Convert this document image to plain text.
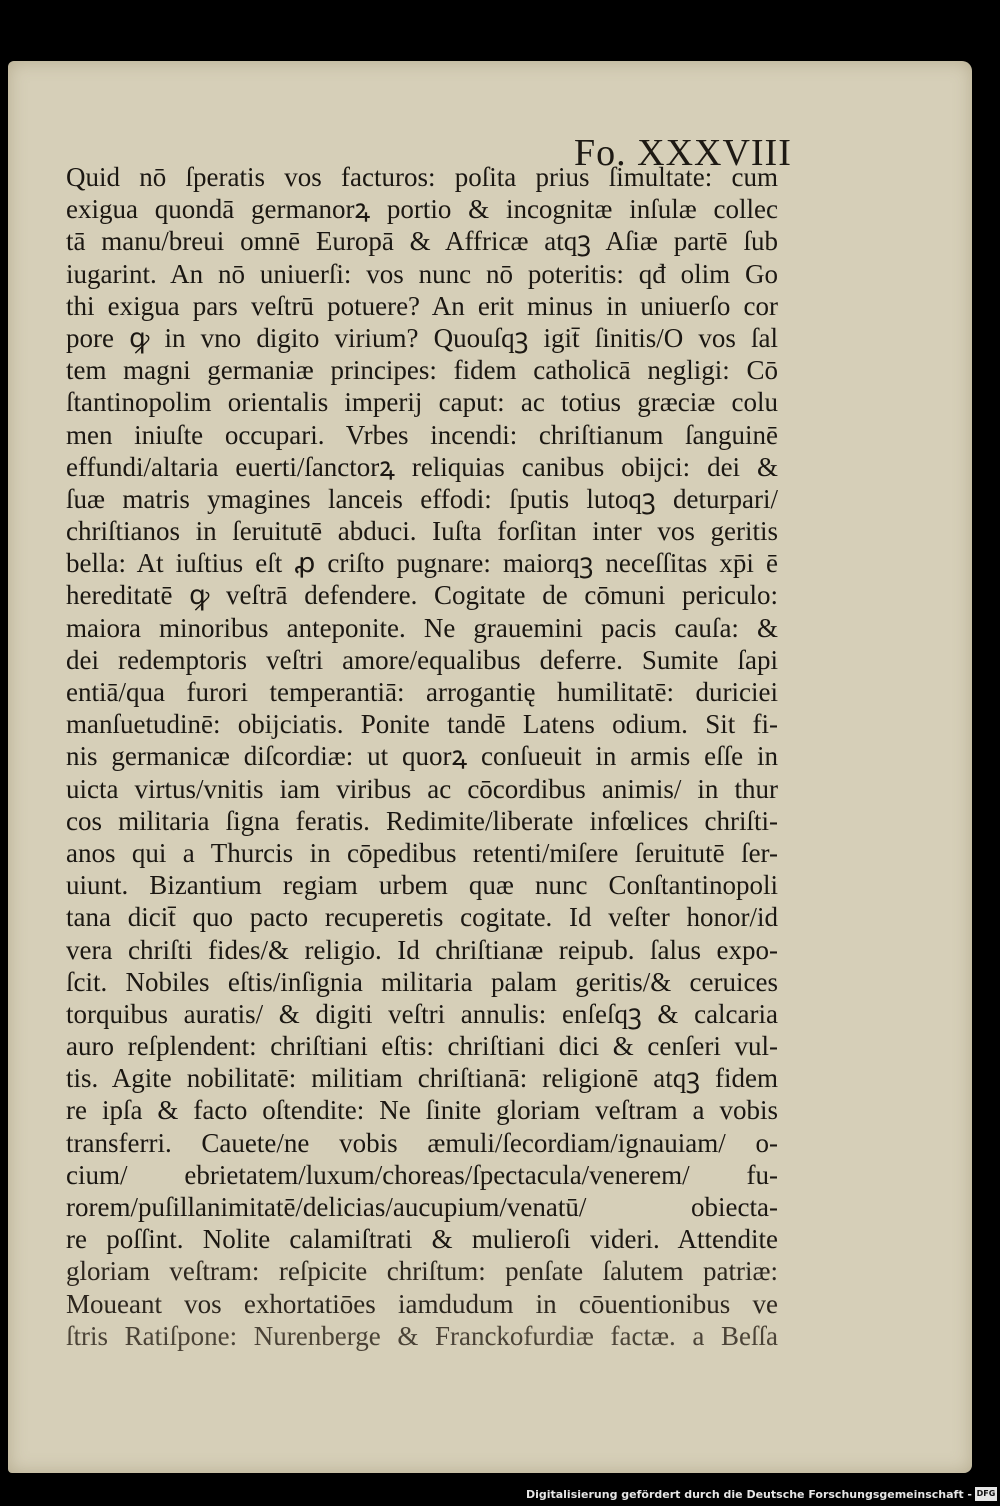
Fo. XXXVIII
Quid nō ſperatis vos facturos: poſita prius ſimultate: cum
exigua quondā germanorꝝ portio & incognitæ inſulæ collec
tā manu/breui omnē Europā & Affricæ atqꝫ Aſiæ partē ſub
iugarint. An nō uniuerſi: vos nunc nō poteritis: qđ olim Go
thi exigua pars veſtrū potuere? An erit minus in uniuerſo cor
pore ꝙ in vno digito virium? Quouſqꝫ igit̄ ſinitis/O vos ſal
tem magni germaniæ principes: fidem catholicā negligi: Cō
ſtantinopolim orientalis imperij caput: ac totius græciæ colu
men iniuſte occupari. Vrbes incendi: chriſtianum ſanguinē
effundi/altaria euerti/ſanctorꝝ reliquias canibus obijci: dei &
ſuæ matris ymagines lanceis effodi: ſputis lutoqꝫ deturpari/
chriſtianos in ſeruitutē abduci. Iuſta forſitan inter vos geritis
bella: At iuſtius eſt ꝓ criſto pugnare: maiorqꝫ neceſſitas xp̄i ē
hereditatē ꝙ veſtrā defendere. Cogitate de cōmuni periculo:
maiora minoribus anteponite. Ne grauemini pacis cauſa: &
dei redemptoris veſtri amore/equalibus deferre. Sumite ſapi
entiā/qua furori temperantiā: arrogantię humilitatē: duriciei
manſuetudinē: obijciatis. Ponite tandē Latens odium. Sit fi-
nis germanicæ diſcordiæ: ut quorꝝ conſueuit in armis eſſe in
uicta virtus/vnitis iam viribus ac cōcordibus animis/ in thur
cos militaria ſigna feratis. Redimite/liberate infœlices chriſti-
anos qui a Thurcis in cōpedibus retenti/miſere ſeruitutē ſer-
uiunt. Bizantium regiam urbem quæ nunc Conſtantinopoli
tana dicit̄ quo pacto recuperetis cogitate. Id veſter honor/id
vera chriſti fides/& religio. Id chriſtianæ reipub. ſalus expo-
ſcit. Nobiles eſtis/inſignia militaria palam geritis/& ceruices
torquibus auratis/ & digiti veſtri annulis: enſeſqꝫ & calcaria
auro reſplendent: chriſtiani eſtis: chriſtiani dici & cenſeri vul-
tis. Agite nobilitatē: militiam chriſtianā: religionē atqꝫ fidem
re ipſa & facto oſtendite: Ne ſinite gloriam veſtram a vobis
transferri. Cauete/ne vobis æmuli/ſecordiam/ignauiam/ o-
cium/ ebrietatem/luxum/choreas/ſpectacula/venerem/ fu-
rorem/puſillanimitatē/delicias/aucupium/venatū/ obiecta-
re poſſint. Nolite calamiſtrati & mulieroſi videri. Attendite
gloriam veſtram: reſpicite chriſtum: penſate ſalutem patriæ:
Moueant vos exhortatiōes iamdudum in cōuentionibus ve
ſtris Ratiſpone: Nurenberge & Franckofurdiæ factæ. a Beſſa
Digitalisierung gefördert durch die Deutsche Forschungsgemeinschaft - DFG
